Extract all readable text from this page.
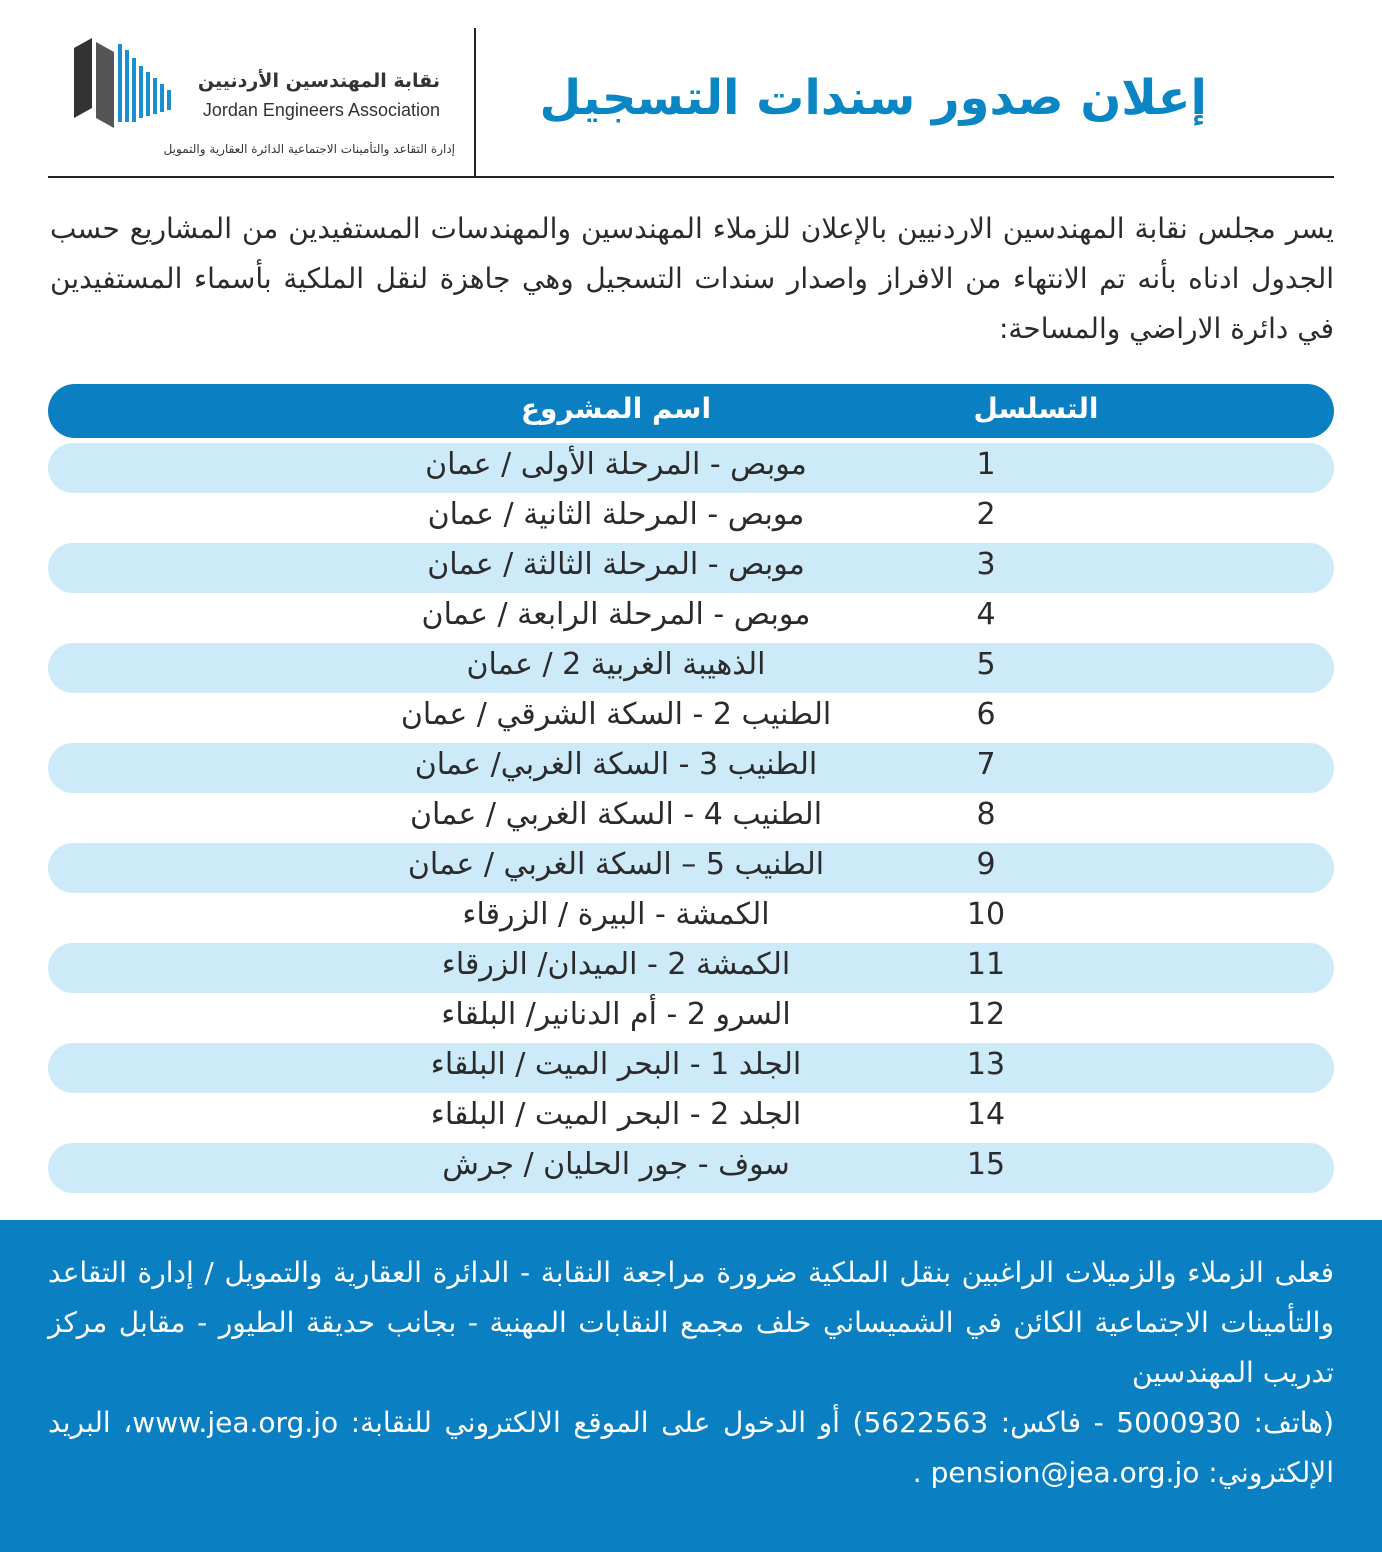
نقابة المهندسين الأردنيين
Jordan Engineers Association
إدارة التقاعد والتأمينات الاجتماعية الدائرة العقارية والتمويل
إعلان صدور سندات التسجيل
يسر مجلس نقابة المهندسين الاردنيين بالإعلان للزملاء المهندسين والمهندسات المستفيدين من المشاريع حسب الجدول ادناه بأنه تم الانتهاء من الافراز واصدار سندات التسجيل وهي جاهزة لنقل الملكية بأسماء المستفيدين في دائرة الاراضي والمساحة:
التسلسل
اسم المشروع
1
موبص - المرحلة الأولى / عمان
2
موبص - المرحلة الثانية / عمان
3
موبص - المرحلة الثالثة / عمان
4
موبص - المرحلة الرابعة / عمان
5
الذهيبة الغربية 2 / عمان
6
الطنيب 2 - السكة الشرقي / عمان
7
الطنيب 3 - السكة الغربي/ عمان
8
الطنيب 4 - السكة الغربي / عمان
9
الطنيب 5 – السكة الغربي / عمان
10
الكمشة - البيرة / الزرقاء
11
الكمشة 2 - الميدان/ الزرقاء
12
السرو 2 - أم الدنانير/ البلقاء
13
الجلد 1 - البحر الميت / البلقاء
14
الجلد 2 - البحر الميت / البلقاء
15
سوف - جور الحليان / جرش

فعلى الزملاء والزميلات الراغبين بنقل الملكية ضرورة مراجعة النقابة - الدائرة العقارية والتمويل / إدارة التقاعد والتأمينات الاجتماعية الكائن في الشميساني خلف مجمع النقابات المهنية - بجانب حديقة الطيور - مقابل مركز تدريب المهندسين

(هاتف: 5000930 - فاكس: 5622563) أو الدخول على الموقع الالكتروني للنقابة: www.jea.org.jo، البريد الإلكتروني: pension@jea.org.jo .
